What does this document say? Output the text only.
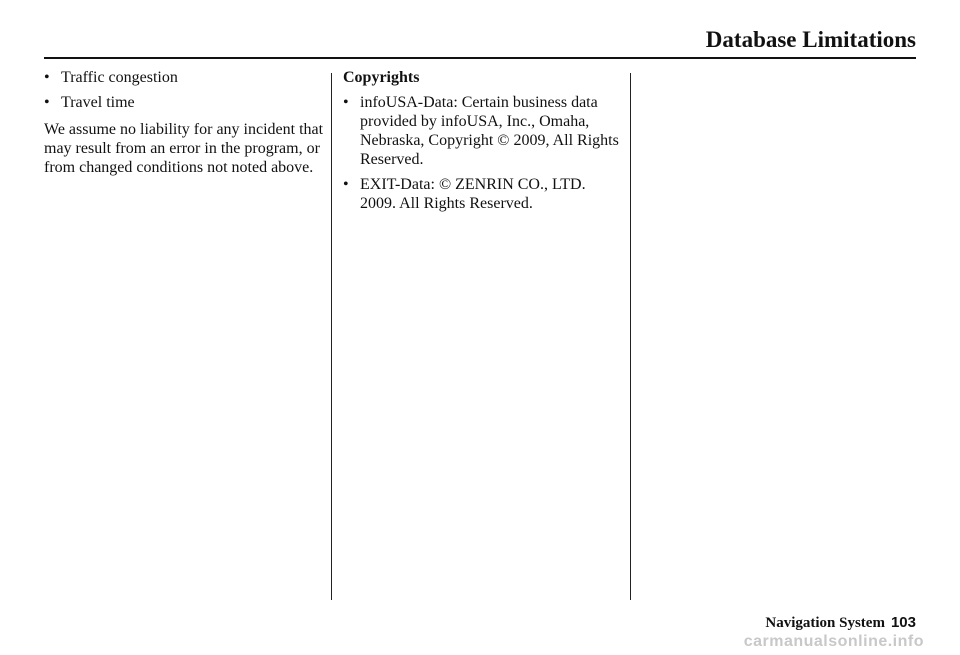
Database Limitations
• Traffic congestion
• Travel time

We assume no liability for any incident that may result from an error in the program, or from changed conditions not noted above.

Copyrights
• infoUSA-Data: Certain business data provided by infoUSA, Inc., Omaha, Nebraska, Copyright © 2009, All Rights Reserved.
• EXIT-Data: © ZENRIN CO., LTD. 2009. All Rights Reserved.
Navigation System 103
carmanualsonline.info
